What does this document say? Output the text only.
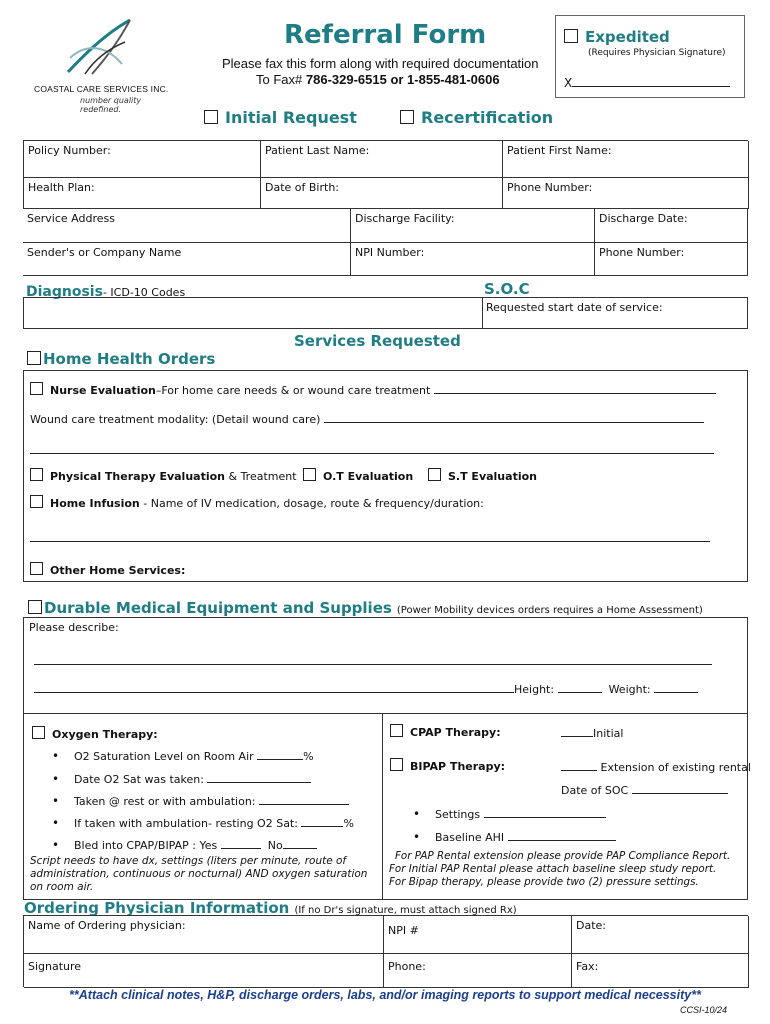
COASTAL CARE SERVICES INC.
number quality redefined.
Referral Form
Please fax this form along with required documentation
To Fax# 786-329-6515 or 1-855-481-0606
Expedited
(Requires Physician Signature)
X
Initial Request	Recertification
Policy Number:	Patient Last Name:	Patient First Name:
Health Plan:	Date of Birth:	Phone Number:
Service Address	Discharge Facility:	Discharge Date:
Sender's or Company Name	NPI Number:	Phone Number:
Diagnosis- ICD-10 Codes	S.O.C
Requested start date of service:
Services Requested
Home Health Orders
Nurse Evaluation–For home care needs & or wound care treatment
Wound care treatment modality: (Detail wound care)
Physical Therapy Evaluation & Treatment	O.T Evaluation	S.T Evaluation
Home Infusion - Name of IV medication, dosage, route & frequency/duration:
Other Home Services:
Durable Medical Equipment and Supplies (Power Mobility devices orders requires a Home Assessment)
Please describe:
Height:	Weight:
Oxygen Therapy:
• O2 Saturation Level on Room Air	%
• Date O2 Sat was taken:
• Taken @ rest or with ambulation:
• If taken with ambulation- resting O2 Sat:	%
• Bled into CPAP/BIPAP : Yes	No
Script needs to have dx, settings (liters per minute, route of administration, continuous or nocturnal) AND oxygen saturation on room air.
CPAP Therapy:	Initial
BIPAP Therapy:	Extension of existing rental
Date of SOC
• Settings
• Baseline AHI
For PAP Rental extension please provide PAP Compliance Report.
For Initial PAP Rental please attach baseline sleep study report.
For Bipap therapy, please provide two (2) pressure settings.
Ordering Physician Information (If no Dr's signature, must attach signed Rx)
Name of Ordering physician:	NPI #	Date:
Signature	Phone:	Fax:
**Attach clinical notes, H&P, discharge orders, labs, and/or imaging reports to support medical necessity**
CCSI-10/24
